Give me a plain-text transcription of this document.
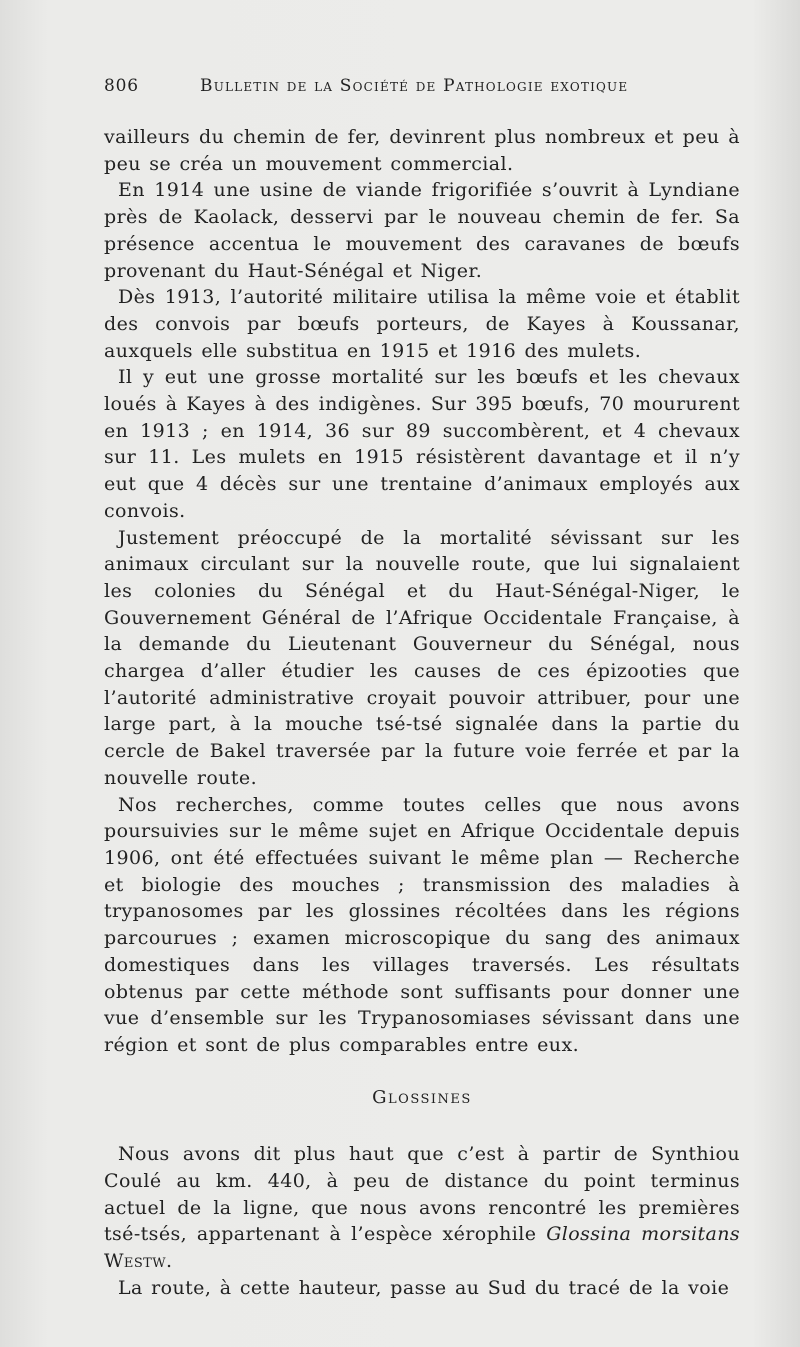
806	Bulletin de la Société de Pathologie exotique

vailleurs du chemin de fer, devinrent plus nombreux et peu à peu se créa un mouvement commercial.

En 1914 une usine de viande frigorifiée s’ouvrit à Lyndiane près de Kaolack, desservi par le nouveau chemin de fer. Sa présence accentua le mouvement des caravanes de bœufs provenant du Haut-Sénégal et Niger.

Dès 1913, l’autorité militaire utilisa la même voie et établit des convois par bœufs porteurs, de Kayes à Koussanar, auxquels elle substitua en 1915 et 1916 des mulets.

Il y eut une grosse mortalité sur les bœufs et les chevaux loués à Kayes à des indigènes. Sur 395 bœufs, 70 moururent en 1913 ; en 1914, 36 sur 89 succombèrent, et 4 chevaux sur 11. Les mulets en 1915 résistèrent davantage et il n’y eut que 4 décès sur une trentaine d’animaux employés aux convois.

Justement préoccupé de la mortalité sévissant sur les animaux circulant sur la nouvelle route, que lui signalaient les colonies du Sénégal et du Haut-Sénégal-Niger, le Gouvernement Général de l’Afrique Occidentale Française, à la demande du Lieutenant Gouverneur du Sénégal, nous chargea d’aller étudier les causes de ces épizooties que l’autorité administrative croyait pouvoir attribuer, pour une large part, à la mouche tsé-tsé signalée dans la partie du cercle de Bakel traversée par la future voie ferrée et par la nouvelle route.

Nos recherches, comme toutes celles que nous avons poursuivies sur le même sujet en Afrique Occidentale depuis 1906, ont été effectuées suivant le même plan — Recherche et biologie des mouches ; transmission des maladies à trypanosomes par les glossines récoltées dans les régions parcourues ; examen microscopique du sang des animaux domestiques dans les villages traversés. Les résultats obtenus par cette méthode sont suffisants pour donner une vue d’ensemble sur les Trypanosomiases sévissant dans une région et sont de plus comparables entre eux.

Glossines

Nous avons dit plus haut que c’est à partir de Synthiou Coulé au km. 440, à peu de distance du point terminus actuel de la ligne, que nous avons rencontré les premières tsé-tsés, appartenant à l’espèce xérophile Glossina morsitans Westw.

La route, à cette hauteur, passe au Sud du tracé de la voie
